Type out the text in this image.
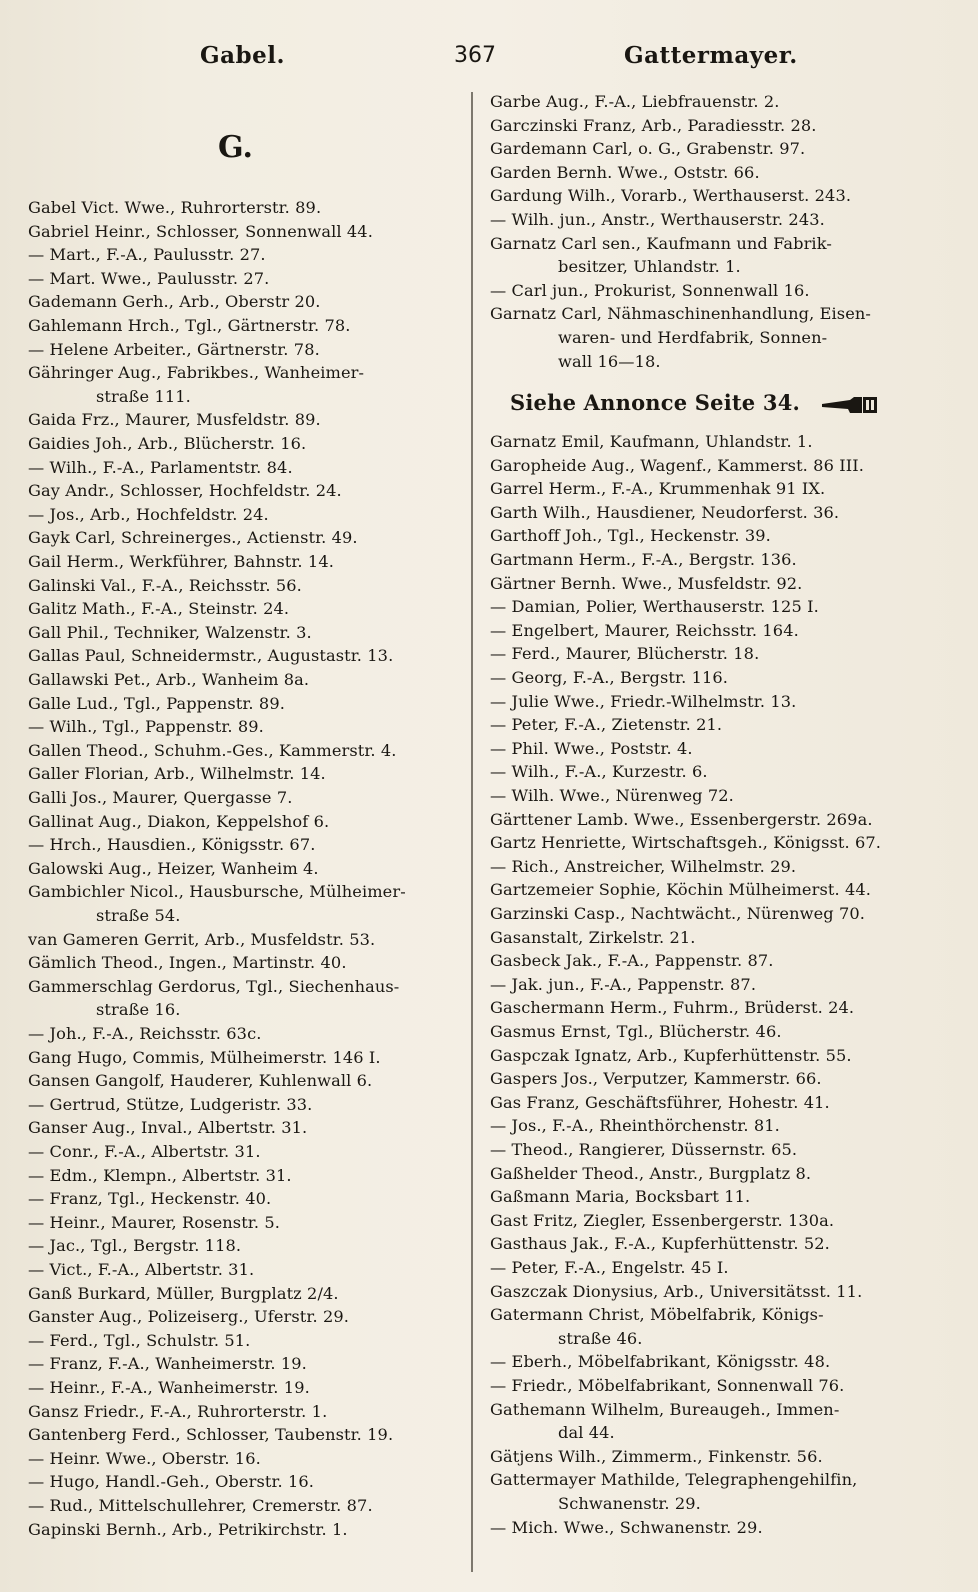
Gabel.	367	Gattermayer.
G.
Gabel Vict. Wwe., Ruhrorterstr. 89.
Gabriel Heinr., Schlosser, Sonnenwall 44.
— Mart., F.-A., Paulusstr. 27.
— Mart. Wwe., Paulusstr. 27.
Gademann Gerh., Arb., Oberstr 20.
Gahlemann Hrch., Tgl., Gärtnerstr. 78.
— Helene Arbeiter., Gärtnerstr. 78.
Gähringer Aug., Fabrikbes., Wanheimer-
straße 111.
Gaida Frz., Maurer, Musfeldstr. 89.
Gaidies Joh., Arb., Blücherstr. 16.
— Wilh., F.-A., Parlamentstr. 84.
Gay Andr., Schlosser, Hochfeldstr. 24.
— Jos., Arb., Hochfeldstr. 24.
Gayk Carl, Schreinerges., Actienstr. 49.
Gail Herm., Werkführer, Bahnstr. 14.
Galinski Val., F.-A., Reichsstr. 56.
Galitz Math., F.-A., Steinstr. 24.
Gall Phil., Techniker, Walzenstr. 3.
Gallas Paul, Schneidermstr., Augustastr. 13.
Gallawski Pet., Arb., Wanheim 8a.
Galle Lud., Tgl., Pappenstr. 89.
— Wilh., Tgl., Pappenstr. 89.
Gallen Theod., Schuhm.-Ges., Kammerstr. 4.
Galler Florian, Arb., Wilhelmstr. 14.
Galli Jos., Maurer, Quergasse 7.
Gallinat Aug., Diakon, Keppelshof 6.
— Hrch., Hausdien., Königsstr. 67.
Galowski Aug., Heizer, Wanheim 4.
Gambichler Nicol., Hausbursche, Mülheimer-
straße 54.
van Gameren Gerrit, Arb., Musfeldstr. 53.
Gämlich Theod., Ingen., Martinstr. 40.
Gammerschlag Gerdorus, Tgl., Siechenhaus-
straße 16.
— Joh., F.-A., Reichsstr. 63c.
Gang Hugo, Commis, Mülheimerstr. 146 I.
Gansen Gangolf, Hauderer, Kuhlenwall 6.
— Gertrud, Stütze, Ludgeristr. 33.
Ganser Aug., Inval., Albertstr. 31.
— Conr., F.-A., Albertstr. 31.
— Edm., Klempn., Albertstr. 31.
— Franz, Tgl., Heckenstr. 40.
— Heinr., Maurer, Rosenstr. 5.
— Jac., Tgl., Bergstr. 118.
— Vict., F.-A., Albertstr. 31.
Ganß Burkard, Müller, Burgplatz 2/4.
Ganster Aug., Polizeiserg., Uferstr. 29.
— Ferd., Tgl., Schulstr. 51.
— Franz, F.-A., Wanheimerstr. 19.
— Heinr., F.-A., Wanheimerstr. 19.
Gansz Friedr., F.-A., Ruhrorterstr. 1.
Gantenberg Ferd., Schlosser, Taubenstr. 19.
— Heinr. Wwe., Oberstr. 16.
— Hugo, Handl.-Geh., Oberstr. 16.
— Rud., Mittelschullehrer, Cremerstr. 87.
Gapinski Bernh., Arb., Petrikirchstr. 1.
Siehe Annonce Seite 34.
Garbe Aug., F.-A., Liebfrauenstr. 2.
Garczinski Franz, Arb., Paradiesstr. 28.
Gardemann Carl, o. G., Grabenstr. 97.
Garden Bernh. Wwe., Oststr. 66.
Gardung Wilh., Vorarb., Werthauserst. 243.
— Wilh. jun., Anstr., Werthauserstr. 243.
Garnatz Carl sen., Kaufmann und Fabrik-
besitzer, Uhlandstr. 1.
— Carl jun., Prokurist, Sonnenwall 16.
Garnatz Carl, Nähmaschinenhandlung, Eisen-
waren- und Herdfabrik, Sonnen-
wall 16—18.
Garnatz Emil, Kaufmann, Uhlandstr. 1.
Garopheide Aug., Wagenf., Kammerst. 86 III.
Garrel Herm., F.-A., Krummenhak 91 IX.
Garth Wilh., Hausdiener, Neudorferst. 36.
Garthoff Joh., Tgl., Heckenstr. 39.
Gartmann Herm., F.-A., Bergstr. 136.
Gärtner Bernh. Wwe., Musfeldstr. 92.
— Damian, Polier, Werthauserstr. 125 I.
— Engelbert, Maurer, Reichsstr. 164.
— Ferd., Maurer, Blücherstr. 18.
— Georg, F.-A., Bergstr. 116.
— Julie Wwe., Friedr.-Wilhelmstr. 13.
— Peter, F.-A., Zietenstr. 21.
— Phil. Wwe., Poststr. 4.
— Wilh., F.-A., Kurzestr. 6.
— Wilh. Wwe., Nürenweg 72.
Gärttener Lamb. Wwe., Essenbergerstr. 269a.
Gartz Henriette, Wirtschaftsgeh., Königsst. 67.
— Rich., Anstreicher, Wilhelmstr. 29.
Gartzemeier Sophie, Köchin Mülheimerst. 44.
Garzinski Casp., Nachtwächt., Nürenweg 70.
Gasanstalt, Zirkelstr. 21.
Gasbeck Jak., F.-A., Pappenstr. 87.
— Jak. jun., F.-A., Pappenstr. 87.
Gaschermann Herm., Fuhrm., Brüderst. 24.
Gasmus Ernst, Tgl., Blücherstr. 46.
Gaspczak Ignatz, Arb., Kupferhüttenstr. 55.
Gaspers Jos., Verputzer, Kammerstr. 66.
Gas Franz, Geschäftsführer, Hohestr. 41.
— Jos., F.-A., Rheinthörchenstr. 81.
— Theod., Rangierer, Düssernstr. 65.
Gaßhelder Theod., Anstr., Burgplatz 8.
Gaßmann Maria, Bocksbart 11.
Gast Fritz, Ziegler, Essenbergerstr. 130a.
Gasthaus Jak., F.-A., Kupferhüttenstr. 52.
— Peter, F.-A., Engelstr. 45 I.
Gaszczak Dionysius, Arb., Universitätsst. 11.
Gatermann Christ, Möbelfabrik, Königs-
straße 46.
— Eberh., Möbelfabrikant, Königsstr. 48.
— Friedr., Möbelfabrikant, Sonnenwall 76.
Gathemann Wilhelm, Bureaugeh., Immen-
dal 44.
Gätjens Wilh., Zimmerm., Finkenstr. 56.
Gattermayer Mathilde, Telegraphengehilfin,
Schwanenstr. 29.
— Mich. Wwe., Schwanenstr. 29.
